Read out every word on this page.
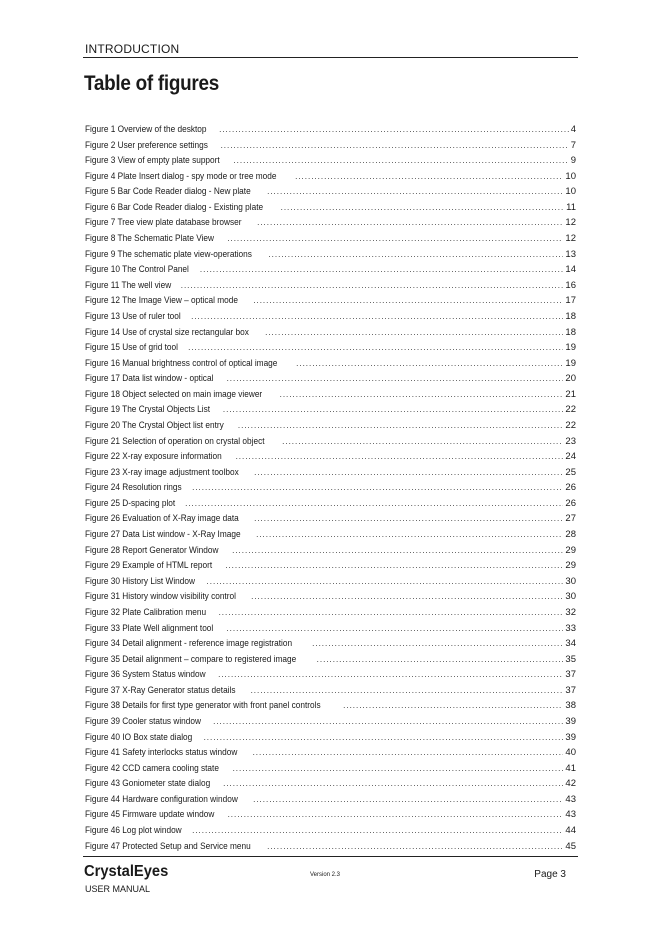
INTRODUCTION
Table of figures
Figure 1 Overview of the desktop .....	4
Figure 2 User preference settings .....	7
Figure 3 View of empty plate support .....	9
Figure 4 Plate Insert dialog - spy mode or tree mode .....	10
Figure 5 Bar Code Reader dialog - New plate .....	10
Figure 6 Bar Code Reader dialog - Existing plate .....	11
Figure 7 Tree view plate database browser .....	12
Figure 8 The Schematic Plate View .....	12
Figure 9 The schematic plate view-operations .....	13
Figure 10 The Control Panel .....	14
Figure 11 The well view .....	16
Figure 12 The Image View – optical mode .....	17
Figure 13 Use of ruler tool .....	18
Figure 14 Use of crystal size rectangular box .....	18
Figure 15 Use of grid tool .....	19
Figure 16 Manual brightness control of optical image .....	19
Figure 17 Data list window - optical .....	20
Figure 18 Object selected on main image viewer .....	21
Figure 19 The Crystal Objects List .....	22
Figure 20 The Crystal Object list entry .....	22
Figure 21 Selection of operation on crystal object .....	23
Figure 22 X-ray exposure information .....	24
Figure 23 X-ray image adjustment toolbox .....	25
Figure 24 Resolution rings .....	26
Figure 25 D-spacing plot .....	26
Figure 26 Evaluation of X-Ray image data .....	27
Figure 27 Data List window - X-Ray Image .....	28
Figure 28 Report Generator Window .....	29
Figure 29 Example of HTML report .....	29
Figure 30 History List Window .....	30
Figure 31 History window visibility control .....	30
Figure 32 Plate Calibration menu .....	32
Figure 33 Plate Well alignment tool .....	33
Figure 34 Detail alignment - reference image registration .....	34
Figure 35 Detail alignment – compare to registered image .....	35
Figure 36 System Status window .....	37
Figure 37 X-Ray Generator status details .....	37
Figure 38 Details for first type generator with front panel controls .....	38
Figure 39 Cooler status window .....	39
Figure 40 IO Box state dialog .....	39
Figure 41 Safety interlocks status window .....	40
Figure 42 CCD camera cooling state .....	41
Figure 43 Goniometer state dialog .....	42
Figure 44 Hardware configuration window .....	43
Figure 45 Firmware update window .....	43
Figure 46 Log plot window .....	44
Figure 47 Protected Setup and Service menu .....	45
CrystalEyes
USER MANUAL
Version 2.3	Page 3
